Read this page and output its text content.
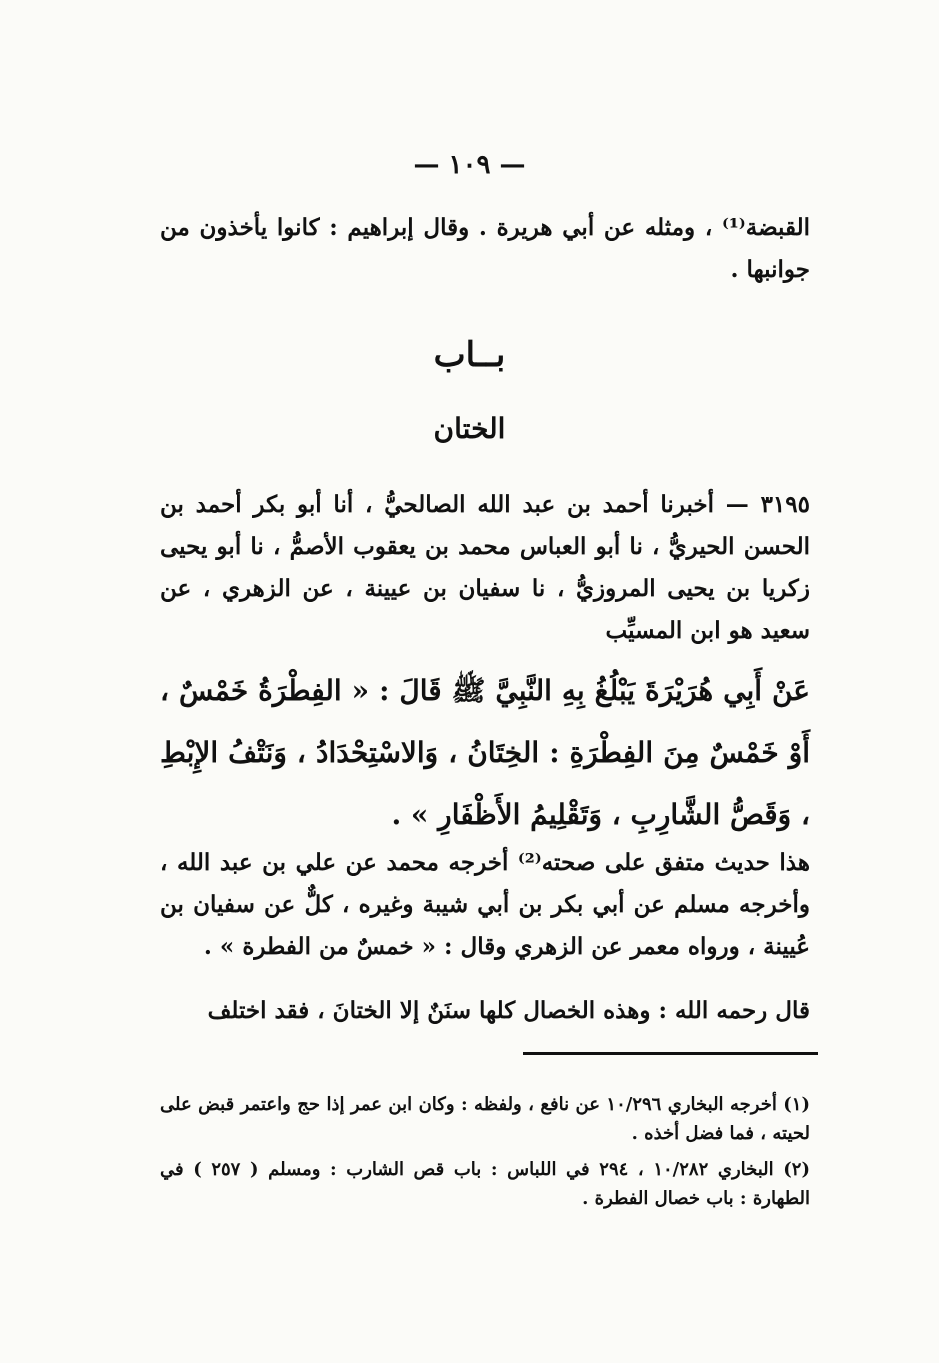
— ١٠٩ —

القبضة⁽¹⁾ ، ومثله عن أبي هريرة . وقال إبراهيم : كانوا يأخذون من جوانبها .

بــاب
الختان

٣١٩٥ — أخبرنا أحمد بن عبد الله الصالحيُّ ، أنا أبو بكر أحمد بن الحسن الحيريُّ ، نا أبو العباس محمد بن يعقوب الأصمُّ ، نا أبو يحيى زكريا بن يحيى المروزيُّ ، نا سفيان بن عيينة ، عن الزهري ، عن سعيد هو ابن المسيِّب

عَنْ أَبِي هُرَيْرَةَ يَبْلُغُ بِهِ النَّبِيَّ ﷺ قَالَ : « الفِطْرَةُ خَمْسٌ ، أَوْ خَمْسٌ مِنَ الفِطْرَةِ : الخِتَانُ ، وَالاسْتِحْدَادُ ، وَنَتْفُ الإِبْطِ ، وَقَصُّ الشَّارِبِ ، وَتَقْلِيمُ الأَظْفَارِ » .

هذا حديث متفق على صحته⁽²⁾ أخرجه محمد عن علي بن عبد الله ، وأخرجه مسلم عن أبي بكر بن أبي شيبة وغيره ، كلٌّ عن سفيان بن عُيينة ، ورواه معمر عن الزهري وقال : « خمسٌ من الفطرة » .

قال رحمه الله : وهذه الخصال كلها سنَنٌ إلا الختانَ ، فقد اختلف

(١) أخرجه البخاري ١٠/٢٩٦ عن نافع ، ولفظه : وكان ابن عمر إذا حج واعتمر قبض على لحيته ، فما فضل أخذه .

(٢) البخاري ١٠/٢٨٢ ، ٢٩٤ في اللباس : باب قص الشارب : ومسلم ( ٢٥٧ ) في الطهارة : باب خصال الفطرة .
